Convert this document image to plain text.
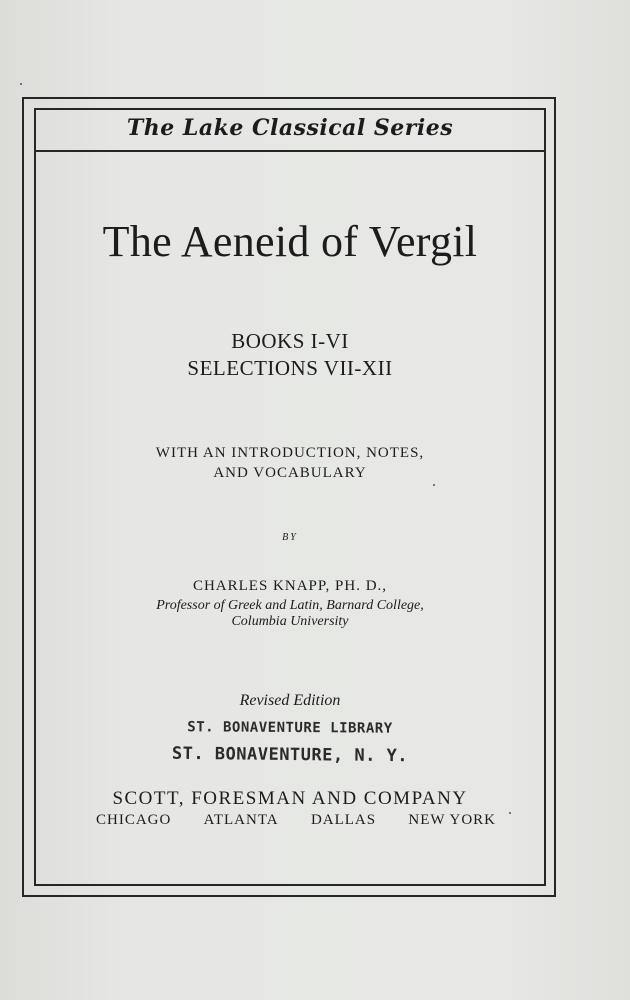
The Lake Classical Series
The Aeneid of Vergil
BOOKS I-VI
SELECTIONS VII-XII
WITH AN INTRODUCTION, NOTES,
AND VOCABULARY
BY
CHARLES KNAPP, PH. D.,
Professor of Greek and Latin, Barnard College,
Columbia University
Revised Edition
ST. BONAVENTURE LIBRARY
ST. BONAVENTURE, N. Y.
SCOTT, FORESMAN AND COMPANY
CHICAGO ATLANTA DALLAS NEW YORK
